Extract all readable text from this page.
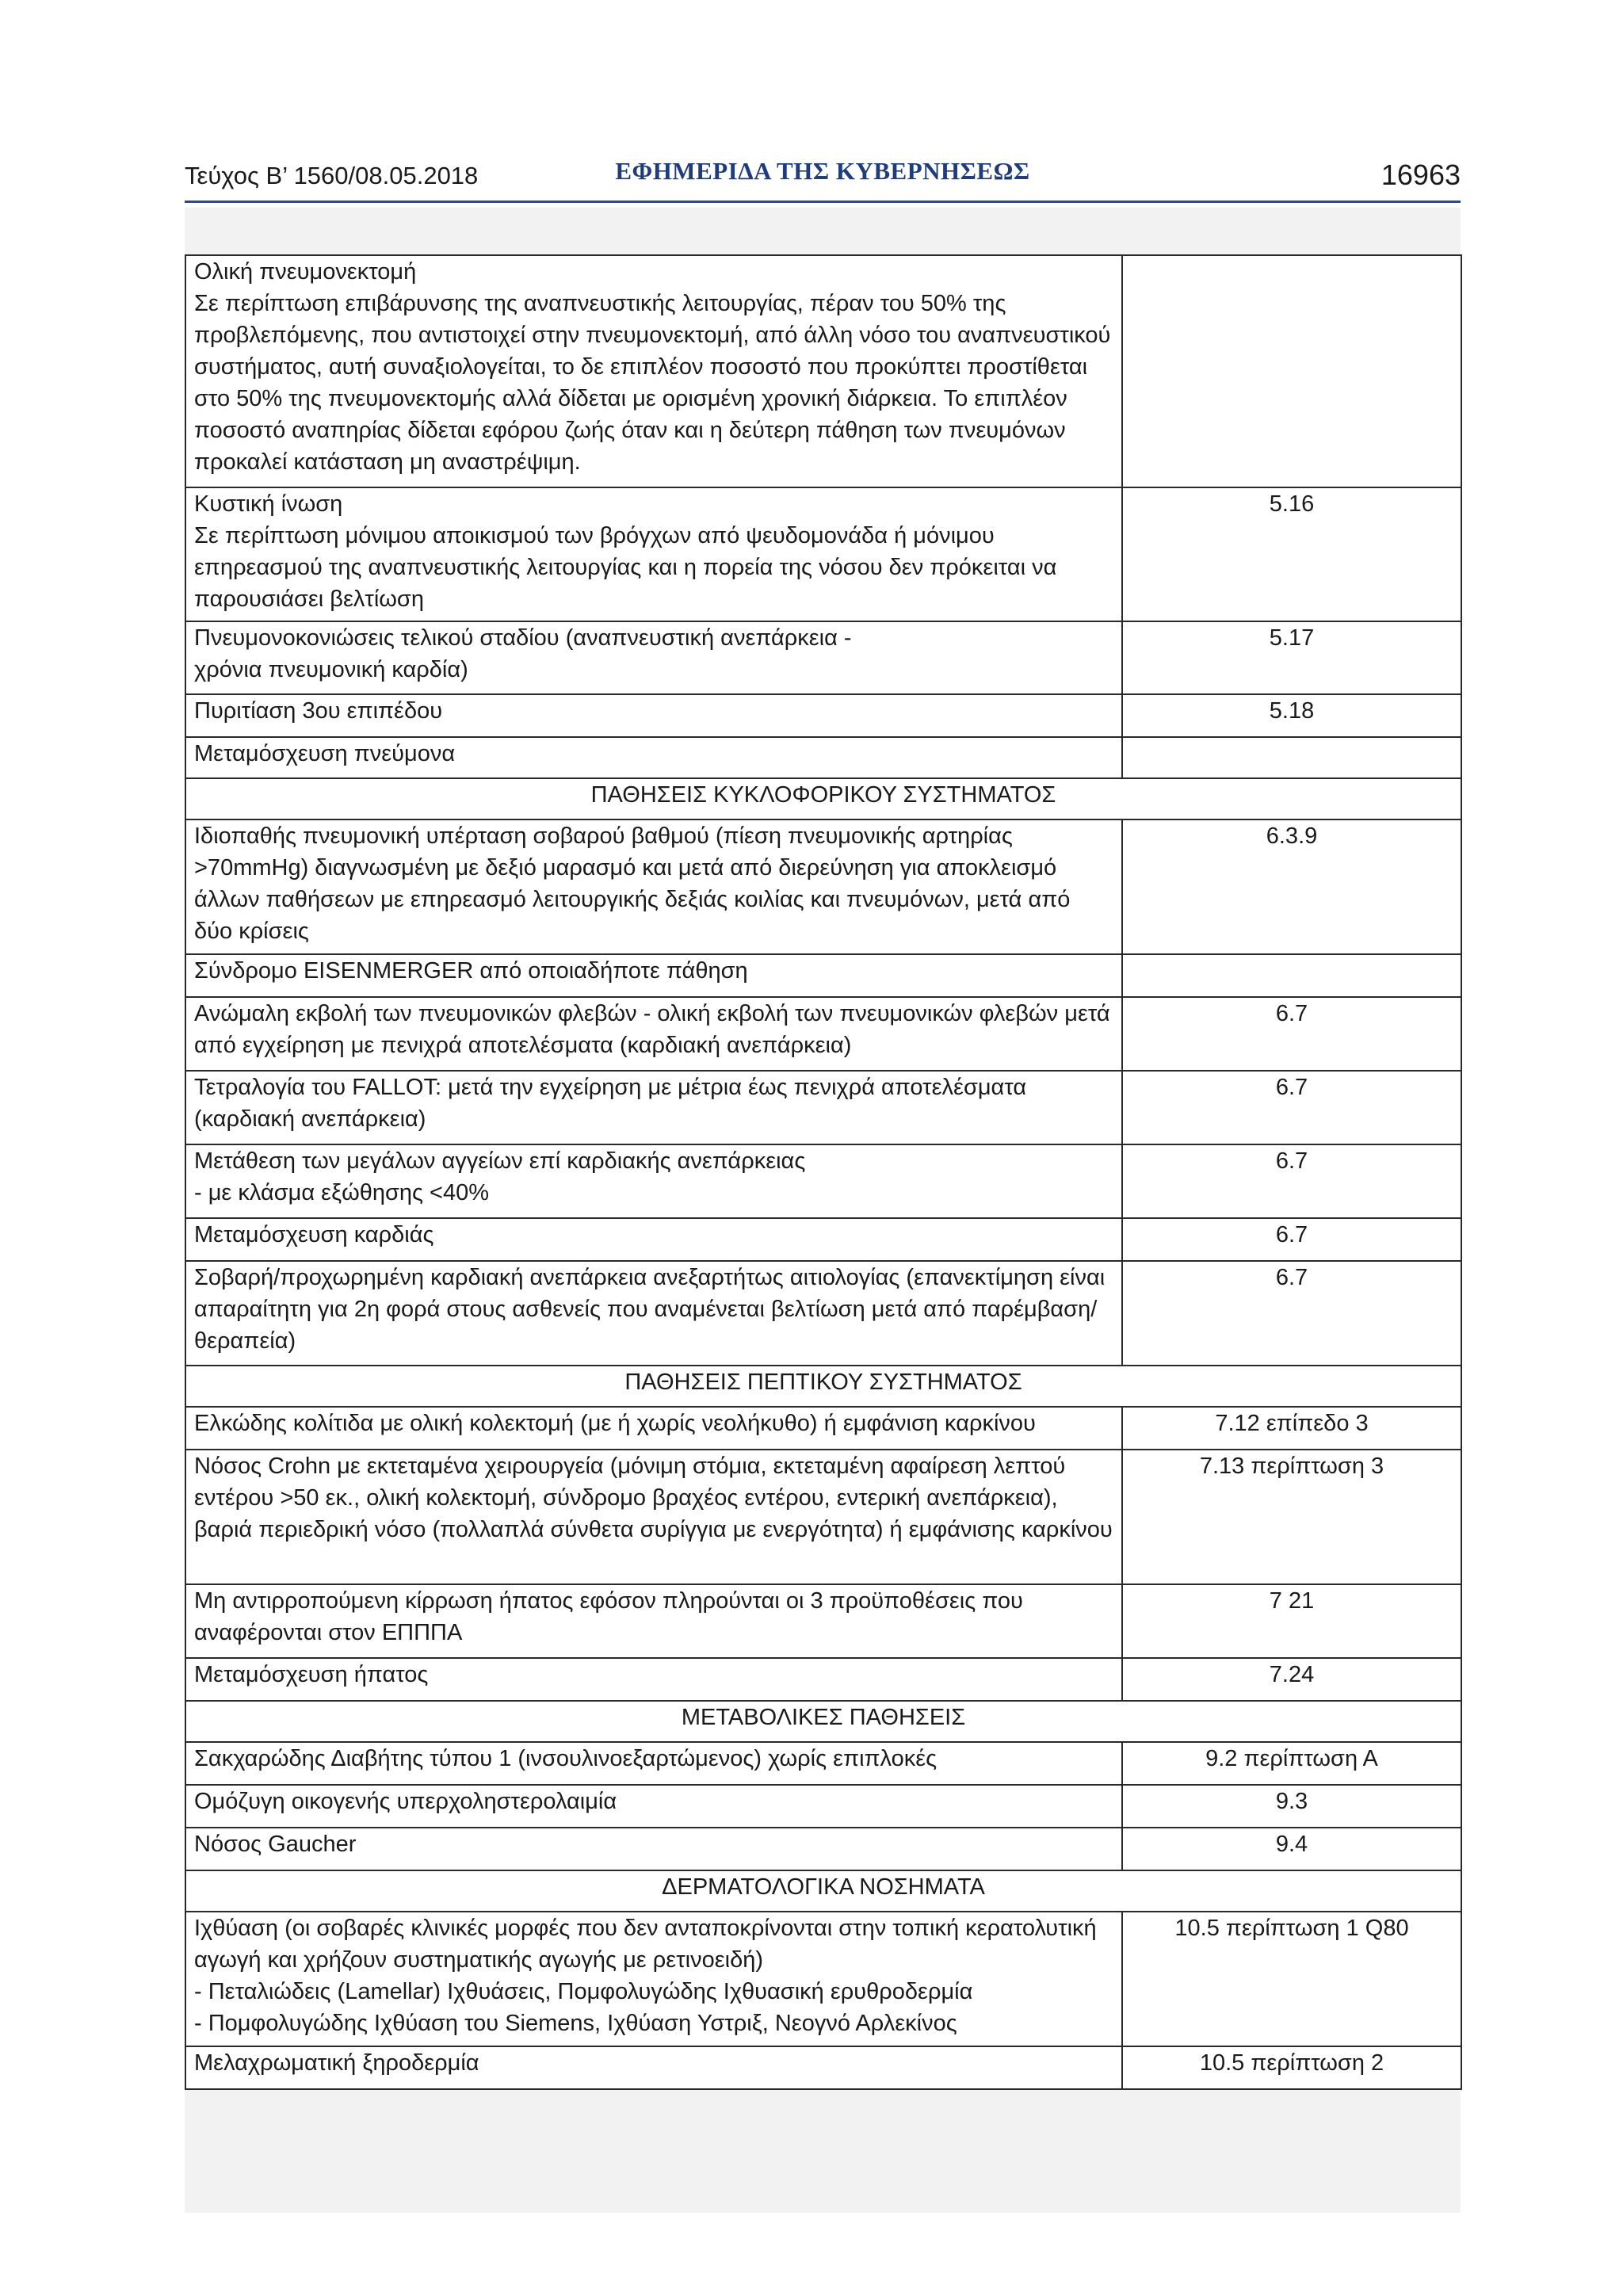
Τεύχος Β’ 1560/08.05.2018	ΕΦΗΜΕΡΙΔΑ ΤΗΣ ΚΥΒΕΡΝΗΣΕΩΣ	16963
Ολική πνευμονεκτομή
Σε περίπτωση επιβάρυνσης της αναπνευστικής λειτουργίας, πέραν του 50% της προβλεπόμενης, που αντιστοιχεί στην πνευμονεκτομή, από άλλη νόσο του αναπνευστικού συστήματος, αυτή συναξιολογείται, το δε επιπλέον ποσοστό που προκύπτει προστίθεται στο 50% της πνευμονεκτομής αλλά δίδεται με ορισμένη χρονική διάρκεια. Το επιπλέον ποσοστό αναπηρίας δίδεται εφόρου ζωής όταν και η δεύτερη πάθηση των πνευμόνων προκαλεί κατάσταση μη αναστρέψιμη.	
Κυστική ίνωση
Σε περίπτωση μόνιμου αποικισμού των βρόγχων από ψευδομονάδα ή μόνιμου επηρεασμού της αναπνευστικής λειτουργίας και η πορεία της νόσου δεν πρόκειται να παρουσιάσει βελτίωση	5.16
Πνευμονοκονιώσεις τελικού σταδίου (αναπνευστική ανεπάρκεια -
χρόνια πνευμονική καρδία)	5.17
Πυριτίαση 3ου επιπέδου	5.18
Μεταμόσχευση πνεύμονα	
ΠΑΘΗΣΕΙΣ ΚΥΚΛΟΦΟΡΙΚΟΥ ΣΥΣΤΗΜΑΤΟΣ	
Ιδιοπαθής πνευμονική υπέρταση σοβαρού βαθμού (πίεση πνευμονικής αρτηρίας >70mmHg) διαγνωσμένη με δεξιό μαρασμό και μετά από διερεύνηση για αποκλεισμό άλλων παθήσεων με επηρεασμό λειτουργικής δεξιάς κοιλίας και πνευμόνων, μετά από δύο κρίσεις	6.3.9
Σύνδρομο EISENMERGER από οποιαδήποτε πάθηση	
Ανώμαλη εκβολή των πνευμονικών φλεβών - ολική εκβολή των πνευμονικών φλεβών μετά από εγχείρηση με πενιχρά αποτελέσματα (καρδιακή ανεπάρκεια)	6.7
Τετραλογία του FALLOT: μετά την εγχείρηση με μέτρια έως πενιχρά αποτελέσματα (καρδιακή ανεπάρκεια)	6.7
Μετάθεση των μεγάλων αγγείων επί καρδιακής ανεπάρκειας
- με κλάσμα εξώθησης <40%	6.7
Μεταμόσχευση καρδιάς	6.7
Σοβαρή/προχωρημένη καρδιακή ανεπάρκεια ανεξαρτήτως αιτιολογίας (επανεκτίμηση είναι απαραίτητη για 2η φορά στους ασθενείς που αναμένεται βελτίωση μετά από παρέμβαση/θεραπεία)	6.7
ΠΑΘΗΣΕΙΣ ΠΕΠΤΙΚΟΥ ΣΥΣΤΗΜΑΤΟΣ	
Ελκώδης κολίτιδα με ολική κολεκτομή (με ή χωρίς νεολήκυθο) ή εμφάνιση καρκίνου	7.12 επίπεδο 3
Νόσος Crohn με εκτεταμένα χειρουργεία (μόνιμη στόμια, εκτεταμένη αφαίρεση λεπτού εντέρου >50 εκ., ολική κολεκτομή, σύνδρομο βραχέος εντέρου, εντερική ανεπάρκεια), βαριά περιεδρική νόσο (πολλαπλά σύνθετα συρίγγια με ενεργότητα) ή εμφάνισης καρκίνου	7.13 περίπτωση 3
Μη αντιρροπούμενη κίρρωση ήπατος εφόσον πληρούνται οι 3 προϋποθέσεις που αναφέρονται στον ΕΠΠΠΑ	7 21
Μεταμόσχευση ήπατος	7.24
ΜΕΤΑΒΟΛΙΚΕΣ ΠΑΘΗΣΕΙΣ	
Σακχαρώδης Διαβήτης τύπου 1 (ινσουλινοεξαρτώμενος) χωρίς επιπλοκές	9.2 περίπτωση Α
Ομόζυγη οικογενής υπερχοληστερολαιμία	9.3
Νόσος Gaucher	9.4
ΔΕΡΜΑΤΟΛΟΓΙΚΑ ΝΟΣΗΜΑΤΑ	
Ιχθύαση (οι σοβαρές κλινικές μορφές που δεν ανταποκρίνονται στην τοπική κερατολυτική αγωγή και χρήζουν συστηματικής αγωγής με ρετινοειδή)
- Πεταλιώδεις (Lamellar) Ιχθυάσεις, Πομφολυγώδης Ιχθυασική ερυθροδερμία
- Πομφολυγώδης Ιχθύαση του Siemens, Ιχθύαση Υστριξ, Νεογνό Αρλεκίνος	10.5 περίπτωση 1 Q80
Μελαχρωματική ξηροδερμία	10.5 περίπτωση 2
